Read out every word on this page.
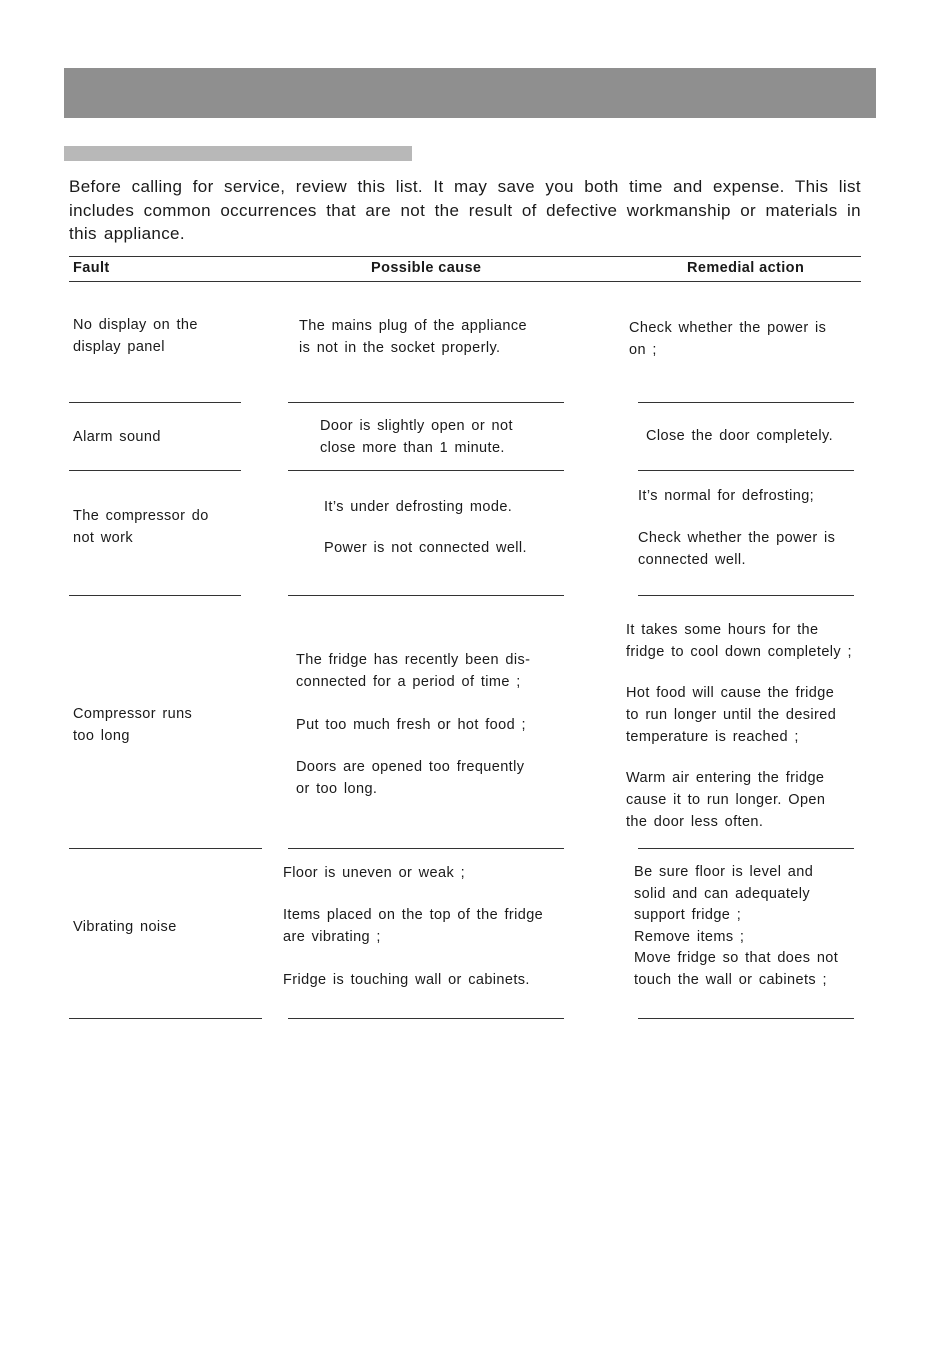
Before calling for service, review this list. It may save you both time and expense. This list includes common occurrences that are not the result of defective workmanship or materials in this appliance.
Fault	Possible cause	Remedial action
No display on the
display panel
The mains plug of the appliance
is not in the socket properly.
Check whether the power is
on ;
Alarm sound
Door is slightly open or not
close more than 1 minute.
Close the door completely.
The compressor do
not work
It’s under defrosting mode.
Power is not connected well.
It’s normal for defrosting;
Check whether the power is
connected well.
Compressor runs
too long
The fridge has recently been dis-
connected for a period of time ;
Put too much fresh or hot food ;
Doors are opened too frequently
or too long.
It takes some hours for the
fridge to cool down completely ;
Hot food will cause the fridge
to run longer until the desired
temperature is reached ;
Warm air entering the fridge
cause it to run longer. Open
the door less often.
Vibrating noise
Floor is uneven or weak ;
Items placed on the top of the fridge
are vibrating ;
Fridge is touching wall or cabinets.
Be sure floor is level and
solid and can adequately
support fridge ;
Remove items ;
Move fridge so that does not
touch the wall or cabinets ;
